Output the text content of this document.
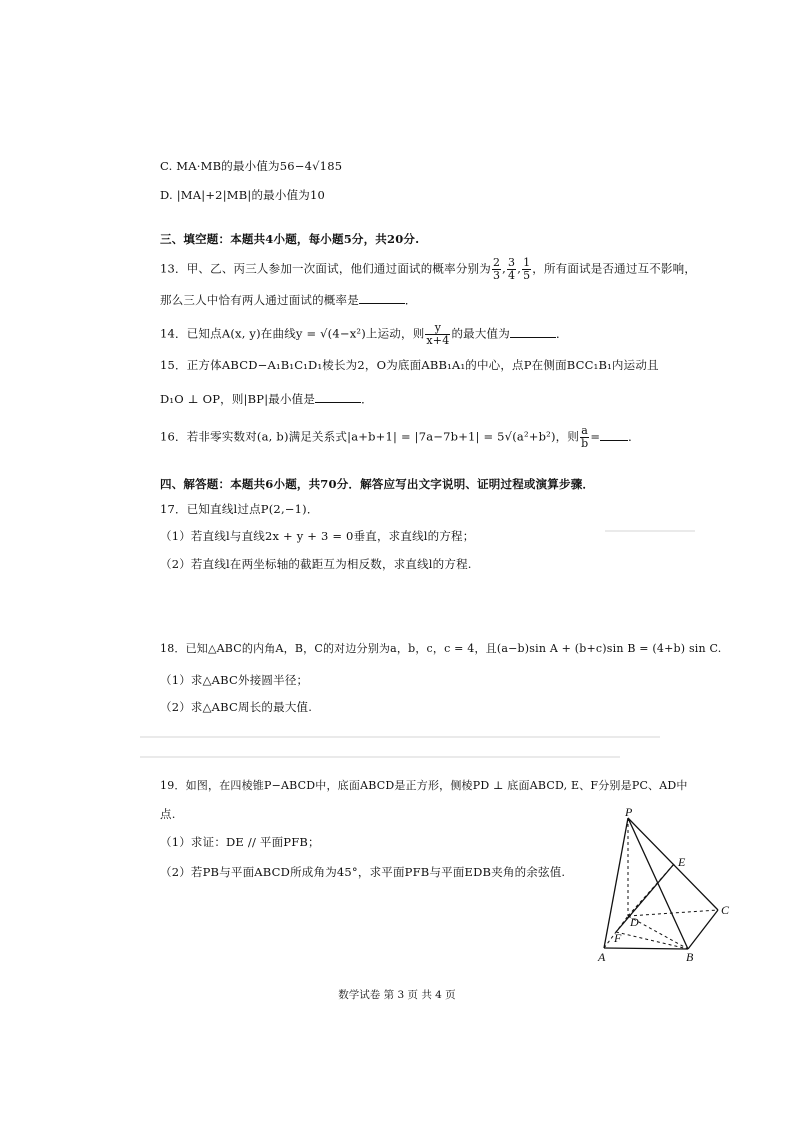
C. MA·MB的最小值为56−4√185
D. |MA|+2|MB|的最小值为10
三、填空题：本题共4小题，每小题5分，共20分.
13．甲、乙、丙三人参加一次面试，他们通过面试的概率分别为 $\frac{2}{3}$ , $\frac{3}{4}$ , $\frac{1}{5}$ ，所有面试是否通过互不影响，
那么三人中恰有两人通过面试的概率是	．
14．已知点A(x, y)在曲线y = √(4−x²)上运动，则 $\frac{y}{x+4}$ 的最大值为	．
15．正方体ABCD−A₁B₁C₁D₁棱长为2，O为底面ABB₁A₁的中心，点P在侧面BCC₁B₁内运动且
D₁O ⊥ OP，则|BP|最小值是	．
16．若非零实数对(a, b)满足关系式|a+b+1| = |7a−7b+1| = 5√(a²+b²)，则 $\frac{a}{b}$ = ．
四、解答题：本题共6小题，共70分．解答应写出文字说明、证明过程或演算步骤．
17．已知直线l过点P(2,−1)．
（1）若直线l与直线2x + y + 3 = 0垂直，求直线l的方程；
（2）若直线l在两坐标轴的截距互为相反数，求直线l的方程.
18．已知△ABC的内角A，B，C的对边分别为a，b，c，c = 4，且(a−b)sin A + (b+c)sin B = (4+b) sin C.
（1）求△ABC外接圆半径；
（2）求△ABC周长的最大值.
19．如图，在四棱锥P−ABCD中，底面ABCD是正方形，侧棱PD ⊥ 底面ABCD, E、F分别是PC、AD中
点.
（1）求证：DE // 平面PFB；
（2）若PB与平面ABCD所成角为45°，求平面PFB与平面EDB夹角的余弦值.
P
E
C
D
F
A	B
数学试卷 第 3 页 共 4 页
